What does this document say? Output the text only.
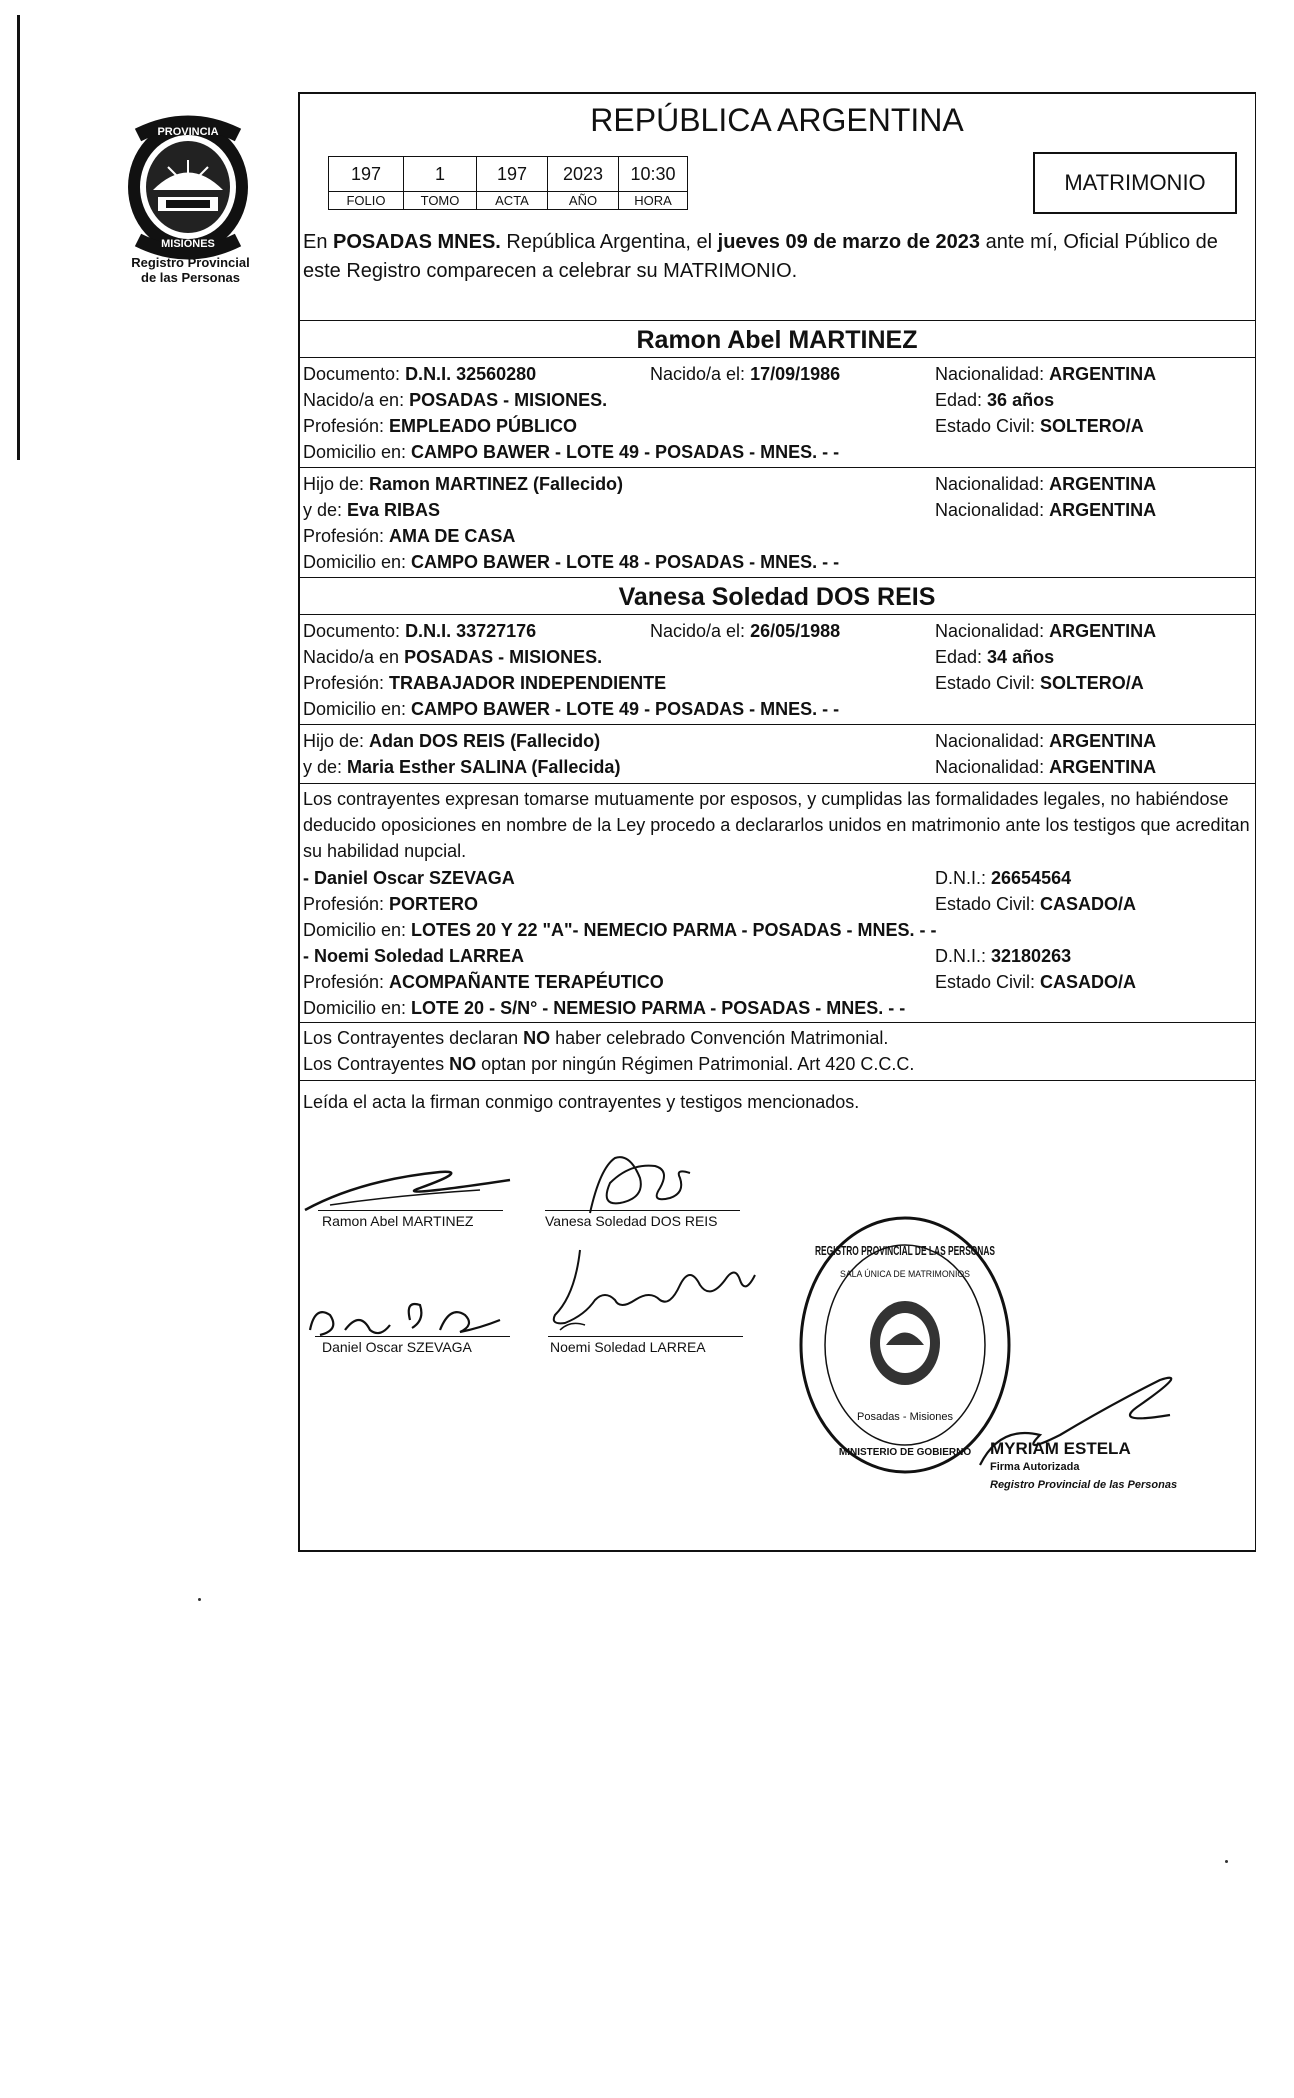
PROVINCIA
MISIONES
Registro Provincial
de las Personas
REPÚBLICA ARGENTINA
197	1	197	2023	10:30
FOLIO	TOMO	ACTA	AÑO	HORA
MATRIMONIO
En POSADAS MNES. República Argentina, el jueves 09 de marzo de 2023 ante mí, Oficial Público de este Registro comparecen a celebrar su MATRIMONIO.
Ramon Abel MARTINEZ
Documento: D.N.I. 32560280	Nacido/a el: 17/09/1986	Nacionalidad: ARGENTINA
Nacido/a en: POSADAS - MISIONES.	Edad: 36 años
Profesión: EMPLEADO PÚBLICO	Estado Civil: SOLTERO/A
Domicilio en: CAMPO BAWER - LOTE 49 - POSADAS - MNES. - -
Hijo de: Ramon MARTINEZ (Fallecido)	Nacionalidad: ARGENTINA
y de: Eva RIBAS	Nacionalidad: ARGENTINA
Profesión: AMA DE CASA
Domicilio en: CAMPO BAWER - LOTE 48 - POSADAS - MNES. - -
Vanesa Soledad DOS REIS
Documento: D.N.I. 33727176	Nacido/a el: 26/05/1988	Nacionalidad: ARGENTINA
Nacido/a en POSADAS - MISIONES.	Edad: 34 años
Profesión: TRABAJADOR INDEPENDIENTE	Estado Civil: SOLTERO/A
Domicilio en: CAMPO BAWER - LOTE 49 - POSADAS - MNES. - -
Hijo de: Adan DOS REIS (Fallecido)	Nacionalidad: ARGENTINA
y de: Maria Esther SALINA (Fallecida)	Nacionalidad: ARGENTINA
Los contrayentes expresan tomarse mutuamente por esposos, y cumplidas las formalidades legales, no habiéndose deducido oposiciones en nombre de la Ley procedo a declararlos unidos en matrimonio ante los testigos que acreditan su habilidad nupcial.
- Daniel Oscar SZEVAGA	D.N.I.: 26654564
Profesión: PORTERO	Estado Civil: CASADO/A
Domicilio en: LOTES 20 Y 22 "A"- NEMECIO PARMA - POSADAS - MNES. - -
- Noemi Soledad LARREA	D.N.I.: 32180263
Profesión: ACOMPAÑANTE TERAPÉUTICO	Estado Civil: CASADO/A
Domicilio en: LOTE 20 - S/N° - NEMESIO PARMA - POSADAS - MNES. - -
Los Contrayentes declaran NO haber celebrado Convención Matrimonial.
Los Contrayentes NO optan por ningún Régimen Patrimonial. Art 420 C.C.C.
Leída el acta la firman conmigo contrayentes y testigos mencionados.
Ramon Abel MARTINEZ	Vanesa Soledad DOS REIS
Daniel Oscar SZEVAGA	Noemi Soledad LARREA
REGISTRO PROVINCIAL DE LAS PERSONAS
SALA ÚNICA DE MATRIMONIOS
Posadas - Misiones
MINISTERIO DE GOBIERNO MYRIAM ESTELA
Firma Autorizada
Registro Provincial de las Personas
